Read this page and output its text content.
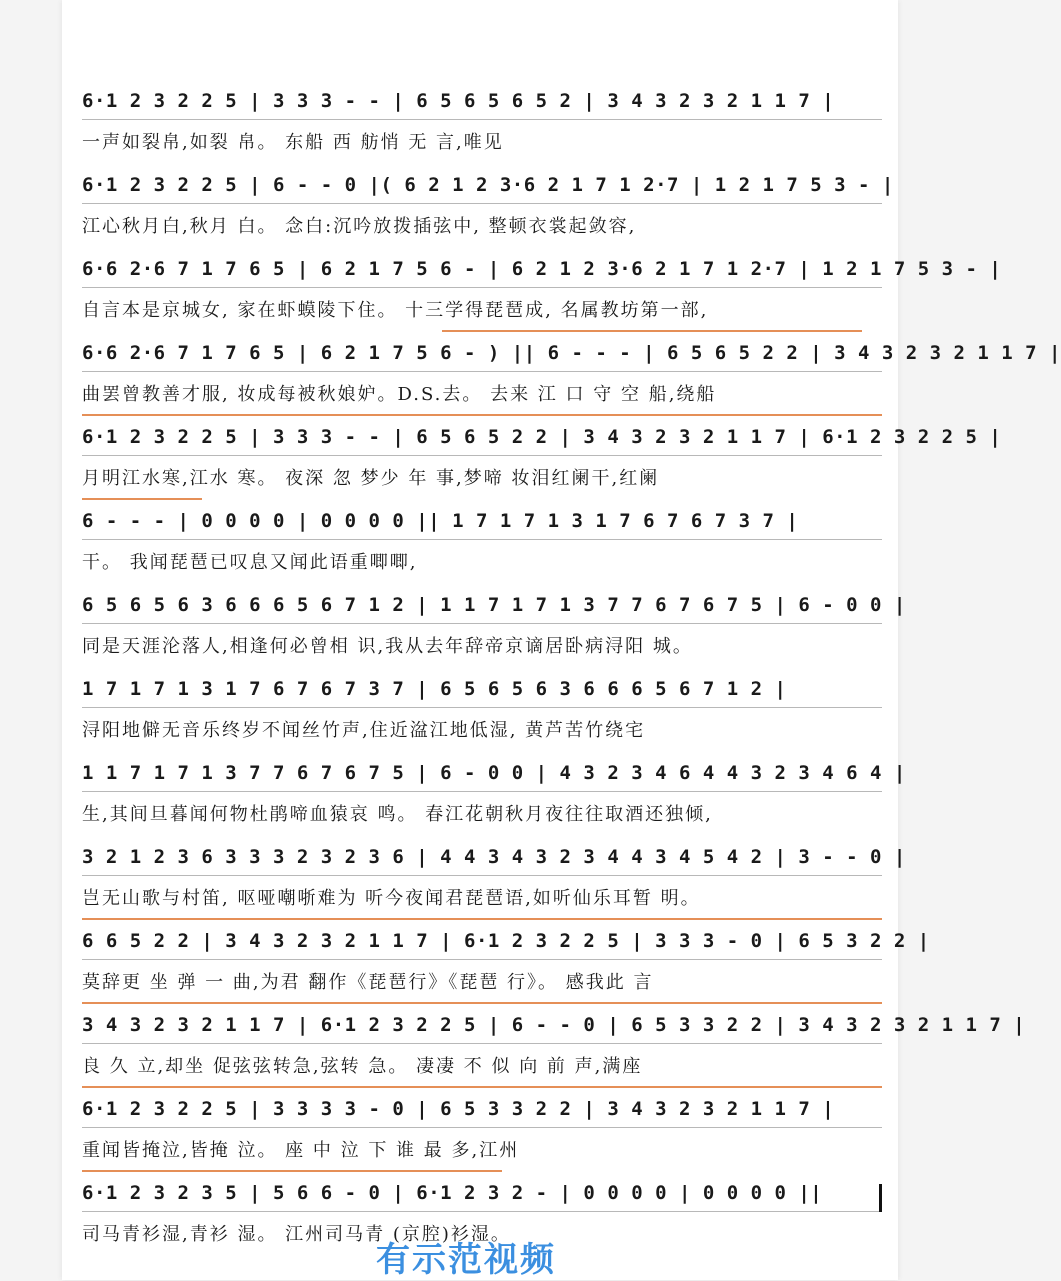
6·1 2 3 2 2 5 | 3 3 3 - - | 6 5 6 5 6 5 2 | 3 4 3 2 3 2 1 1 7 |
一声如裂帛,如裂 帛。 东船 西 舫悄 无 言,唯见
6·1 2 3 2 2 5 | 6 - - 0 |( 6 2 1 2 3·6 2 1 7 1 2·7 | 1 2 1 7 5 3 - |
江心秋月白,秋月 白。 念白:沉吟放拨插弦中, 整顿衣裳起敛容,
6·6 2·6 7 1 7 6 5 | 6 2 1 7 5 6 - | 6 2 1 2 3·6 2 1 7 1 2·7 | 1 2 1 7 5 3 - |
自言本是京城女, 家在虾蟆陵下住。 十三学得琵琶成, 名属教坊第一部,
6·6 2·6 7 1 7 6 5 | 6 2 1 7 5 6 - ) || 6 - - - | 6 5 6 5 2 2 | 3 4 3 2 3 2 1 1 7 |
曲罢曾教善才服, 妆成每被秋娘妒。D.S.去。 去来 江 口 守 空 船,绕船
6·1 2 3 2 2 5 | 3 3 3 - - | 6 5 6 5 2 2 | 3 4 3 2 3 2 1 1 7 | 6·1 2 3 2 2 5 |
月明江水寒,江水 寒。 夜深 忽 梦少 年 事,梦啼 妆泪红阑干,红阑
6 - - - | 0 0 0 0 | 0 0 0 0 || 1 7 1 7 1 3 1 7 6 7 6 7 3 7 |
干。 我闻琵琶已叹息又闻此语重唧唧,
6 5 6 5 6 3 6 6 6 5 6 7 1 2 | 1 1 7 1 7 1 3 7 7 6 7 6 7 5 | 6 - 0 0 |
同是天涯沦落人,相逢何必曾相 识,我从去年辞帝京谪居卧病浔阳 城。
1 7 1 7 1 3 1 7 6 7 6 7 3 7 | 6 5 6 5 6 3 6 6 6 5 6 7 1 2 |
浔阳地僻无音乐终岁不闻丝竹声,住近湓江地低湿, 黄芦苦竹绕宅
1 1 7 1 7 1 3 7 7 6 7 6 7 5 | 6 - 0 0 | 4 3 2 3 4 6 4 4 3 2 3 4 6 4 |
生,其间旦暮闻何物杜鹃啼血猿哀 鸣。 春江花朝秋月夜往往取酒还独倾,
3 2 1 2 3 6 3 3 3 2 3 2 3 6 | 4 4 3 4 3 2 3 4 4 3 4 5 4 2 | 3 - - 0 |
岂无山歌与村笛, 呕哑嘲哳难为 听今夜闻君琵琶语,如听仙乐耳暂 明。
6 6 5 2 2 | 3 4 3 2 3 2 1 1 7 | 6·1 2 3 2 2 5 | 3 3 3 - 0 | 6 5 3 2 2 |
莫辞更 坐 弹 一 曲,为君 翻作《琵琶行》《琵琶 行》。 感我此 言
3 4 3 2 3 2 1 1 7 | 6·1 2 3 2 2 5 | 6 - - 0 | 6 5 3 3 2 2 | 3 4 3 2 3 2 1 1 7 |
良 久 立,却坐 促弦弦转急,弦转 急。 凄凄 不 似 向 前 声,满座
6·1 2 3 2 2 5 | 3 3 3 3 - 0 | 6 5 3 3 2 2 | 3 4 3 2 3 2 1 1 7 |
重闻皆掩泣,皆掩 泣。 座 中 泣 下 谁 最 多,江州
6·1 2 3 2 3 5 | 5 6 6 - 0 | 6·1 2 3 2 - | 0 0 0 0 | 0 0 0 0 ||
司马青衫湿,青衫 湿。 江州司马青 (京腔)衫湿。
有示范视频
